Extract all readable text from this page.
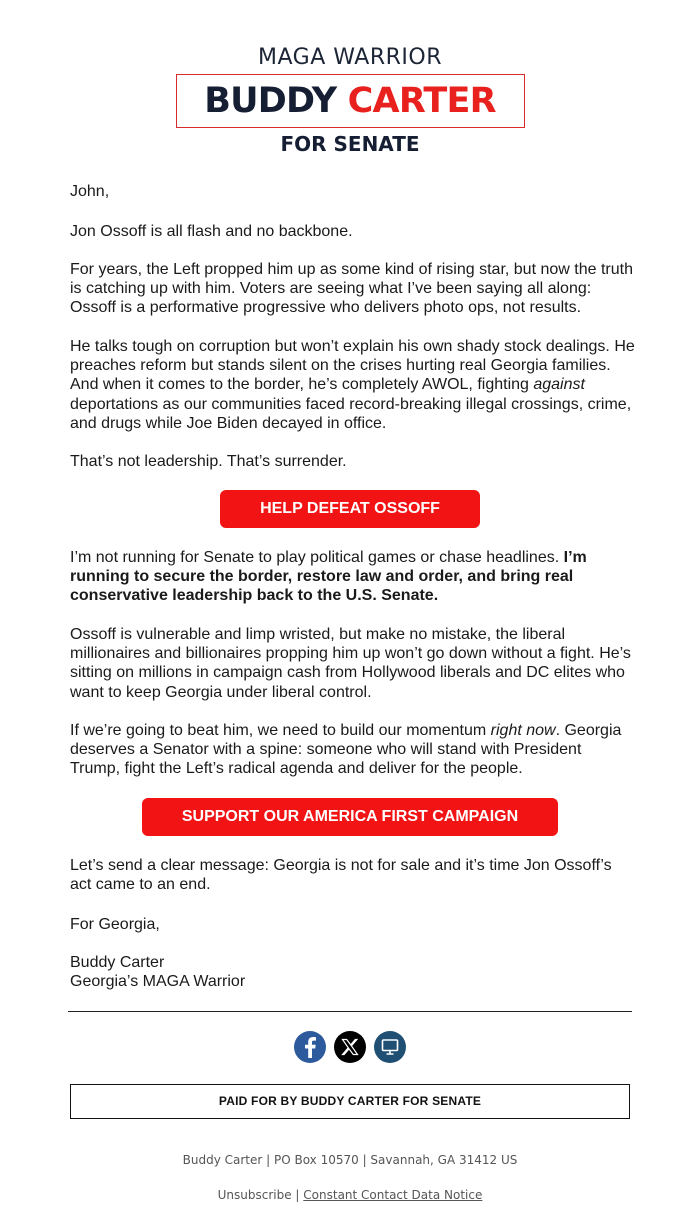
MAGA WARRIOR
BUDDY CARTER
FOR SENATE

John,

Jon Ossoff is all flash and no backbone.

For years, the Left propped him up as some kind of rising star, but now the truth is catching up with him. Voters are seeing what I’ve been saying all along: Ossoff is a performative progressive who delivers photo ops, not results.

He talks tough on corruption but won’t explain his own shady stock dealings. He preaches reform but stands silent on the crises hurting real Georgia families. And when it comes to the border, he’s completely AWOL, fighting against deportations as our communities faced record-breaking illegal crossings, crime, and drugs while Joe Biden decayed in office.

That’s not leadership. That’s surrender.

HELP DEFEAT OSSOFF

I’m not running for Senate to play political games or chase headlines. I’m running to secure the border, restore law and order, and bring real conservative leadership back to the U.S. Senate.

Ossoff is vulnerable and limp wristed, but make no mistake, the liberal millionaires and billionaires propping him up won’t go down without a fight. He’s sitting on millions in campaign cash from Hollywood liberals and DC elites who want to keep Georgia under liberal control.

If we’re going to beat him, we need to build our momentum right now. Georgia deserves a Senator with a spine: someone who will stand with President Trump, fight the Left’s radical agenda and deliver for the people.

SUPPORT OUR AMERICA FIRST CAMPAIGN

Let’s send a clear message: Georgia is not for sale and it’s time Jon Ossoff’s act came to an end.

For Georgia,

Buddy Carter

Georgia’s MAGA Warrior

PAID FOR BY BUDDY CARTER FOR SENATE
Buddy Carter | PO Box 10570 | Savannah, GA 31412 US
Unsubscribe | Constant Contact Data Notice
